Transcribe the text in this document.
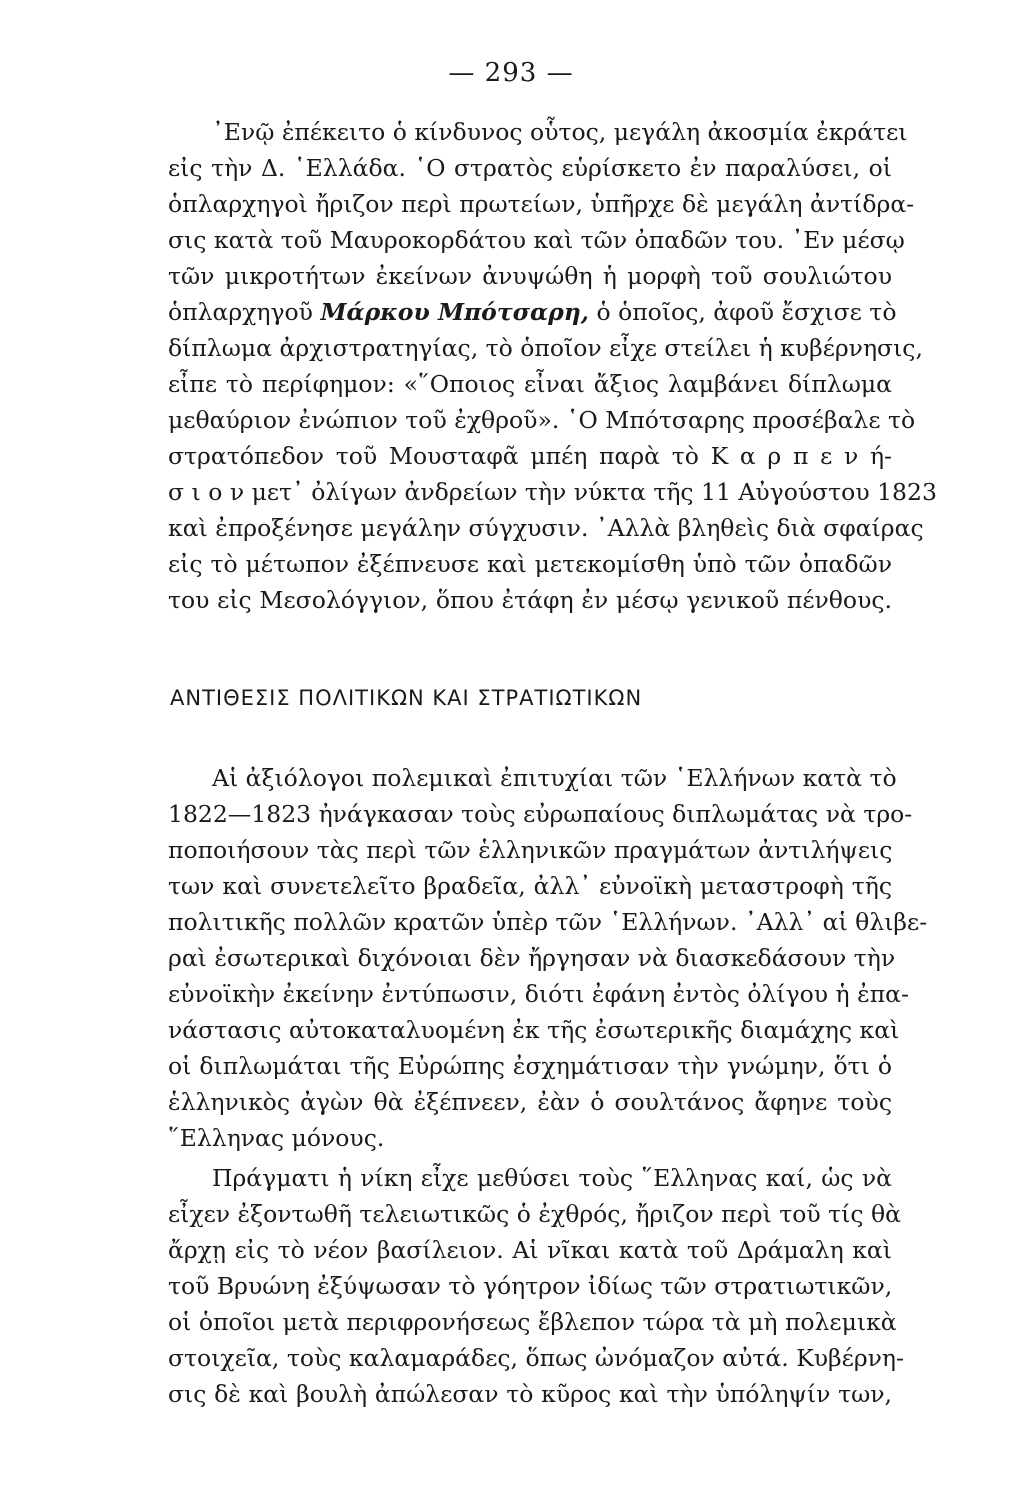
— 293 —
᾿Ενῷ ἐπέκειτο ὁ κίνδυνος οὗτος, μεγάλη ἀκοσμία ἐκράτει
εἰς τὴν Δ. ῾Ελλάδα. ῾Ο στρατὸς εὑρίσκετο ἐν παραλύσει, οἱ
ὁπλαρχηγοὶ ἤριζον περὶ πρωτείων, ὑπῆρχε δὲ μεγάλη ἀντίδρα-
σις κατὰ τοῦ Μαυροκορδάτου καὶ τῶν ὀπαδῶν του. ᾿Εν μέσῳ
τῶν μικροτήτων ἐκείνων ἀνυψώθη ἡ μορφὴ τοῦ σουλιώτου
ὁπλαρχηγοῦ Μάρκου Μπότσαρη, ὁ ὁποῖος, ἀφοῦ ἔσχισε τὸ
δίπλωμα ἀρχιστρατηγίας, τὸ ὁποῖον εἶχε στείλει ἡ κυβέρνησις,
εἶπε τὸ περίφημον: «῞Οποιος εἶναι ἄξιος λαμβάνει δίπλωμα
μεθαύριον ἐνώπιον τοῦ ἐχθροῦ». ῾Ο Μπότσαρης προσέβαλε τὸ
στρατόπεδον τοῦ Μουσταφᾶ μπέη παρὰ τὸ Κ α ρ π ε ν ή-
σ ι ο ν μετ᾿ ὀλίγων ἀνδρείων τὴν νύκτα τῆς 11 Αὐγούστου 1823
καὶ ἐπροξένησε μεγάλην σύγχυσιν. ᾿Αλλὰ βληθεὶς διὰ σφαίρας
εἰς τὸ μέτωπον ἐξέπνευσε καὶ μετεκομίσθη ὑπὸ τῶν ὀπαδῶν
του εἰς Μεσολόγγιον, ὅπου ἐτάφη ἐν μέσῳ γενικοῦ πένθους.
ΑΝΤΙΘΕΣΙΣ ΠΟΛΙΤΙΚΩΝ ΚΑΙ ΣΤΡΑΤΙΩΤΙΚΩΝ
Αἱ ἀξιόλογοι πολεμικαὶ ἐπιτυχίαι τῶν ῾Ελλήνων κατὰ τὸ
1822—1823 ἠνάγκασαν τοὺς εὐρωπαίους διπλωμάτας νὰ τρο-
ποποιήσουν τὰς περὶ τῶν ἑλληνικῶν πραγμάτων ἀντιλήψεις
των καὶ συνετελεῖτο βραδεῖα, ἀλλ᾿ εὐνοϊκὴ μεταστροφὴ τῆς
πολιτικῆς πολλῶν κρατῶν ὑπὲρ τῶν ῾Ελλήνων. ᾿Αλλ᾿ αἱ θλιβε-
ραὶ ἐσωτερικαὶ διχόνοιαι δὲν ἤργησαν νὰ διασκεδάσουν τὴν
εὐνοϊκὴν ἐκείνην ἐντύπωσιν, διότι ἐφάνη ἐντὸς ὀλίγου ἡ ἐπα-
νάστασις αὐτοκαταλυομένη ἐκ τῆς ἐσωτερικῆς διαμάχης καὶ
οἱ διπλωμάται τῆς Εὐρώπης ἐσχημάτισαν τὴν γνώμην, ὅτι ὁ
ἑλληνικὸς ἀγὼν θὰ ἐξέπνεεν, ἐὰν ὁ σουλτάνος ἄφηνε τοὺς
῞Ελληνας μόνους.
Πράγματι ἡ νίκη εἶχε μεθύσει τοὺς ῞Ελληνας καί, ὡς νὰ
εἶχεν ἐξοντωθῆ τελειωτικῶς ὁ ἐχθρός, ἤριζον περὶ τοῦ τίς θὰ
ἄρχῃ εἰς τὸ νέον βασίλειον. Αἱ νῖκαι κατὰ τοῦ Δράμαλη καὶ
τοῦ Βρυώνη ἐξύψωσαν τὸ γόητρον ἰδίως τῶν στρατιωτικῶν,
οἱ ὁποῖοι μετὰ περιφρονήσεως ἔβλεπον τώρα τὰ μὴ πολεμικὰ
στοιχεῖα, τοὺς καλαμαράδες, ὅπως ὠνόμαζον αὐτά. Κυβέρνη-
σις δὲ καὶ βουλὴ ἀπώλεσαν τὸ κῦρος καὶ τὴν ὑπόληψίν των,
